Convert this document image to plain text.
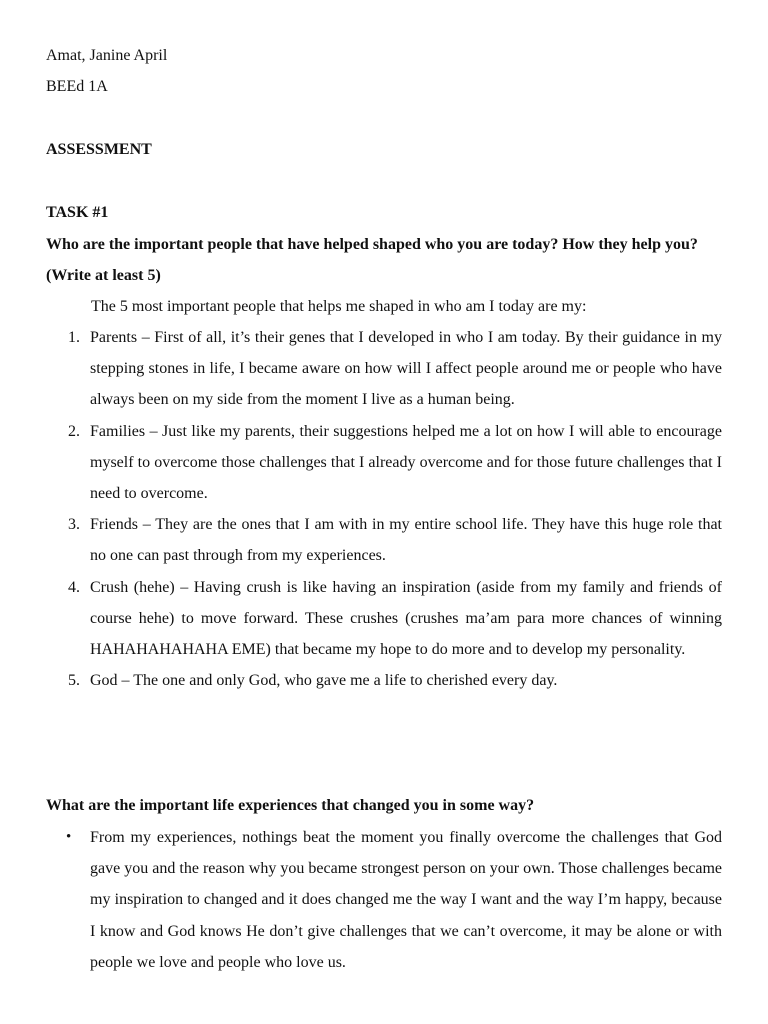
Amat, Janine April
BEEd 1A
ASSESSMENT
TASK #1
Who are the important people that have helped shaped who you are today? How they help you? (Write at least 5)
The 5 most important people that helps me shaped in who am I today are my:
1. Parents – First of all, it’s their genes that I developed in who I am today. By their guidance in my stepping stones in life, I became aware on how will I affect people around me or people who have always been on my side from the moment I live as a human being.
2. Families – Just like my parents, their suggestions helped me a lot on how I will able to encourage myself to overcome those challenges that I already overcome and for those future challenges that I need to overcome.
3. Friends – They are the ones that I am with in my entire school life. They have this huge role that no one can past through from my experiences.
4. Crush (hehe) – Having crush is like having an inspiration (aside from my family and friends of course hehe) to move forward. These crushes (crushes ma’am para more chances of winning HAHAHAHAHAHA EME) that became my hope to do more and to develop my personality.
5. God – The one and only God, who gave me a life to cherished every day.
What are the important life experiences that changed you in some way?
• From my experiences, nothings beat the moment you finally overcome the challenges that God gave you and the reason why you became strongest person on your own. Those challenges became my inspiration to changed and it does changed me the way I want and the way I’m happy, because I know and God knows He don’t give challenges that we can’t overcome, it may be alone or with people we love and people who love us.
